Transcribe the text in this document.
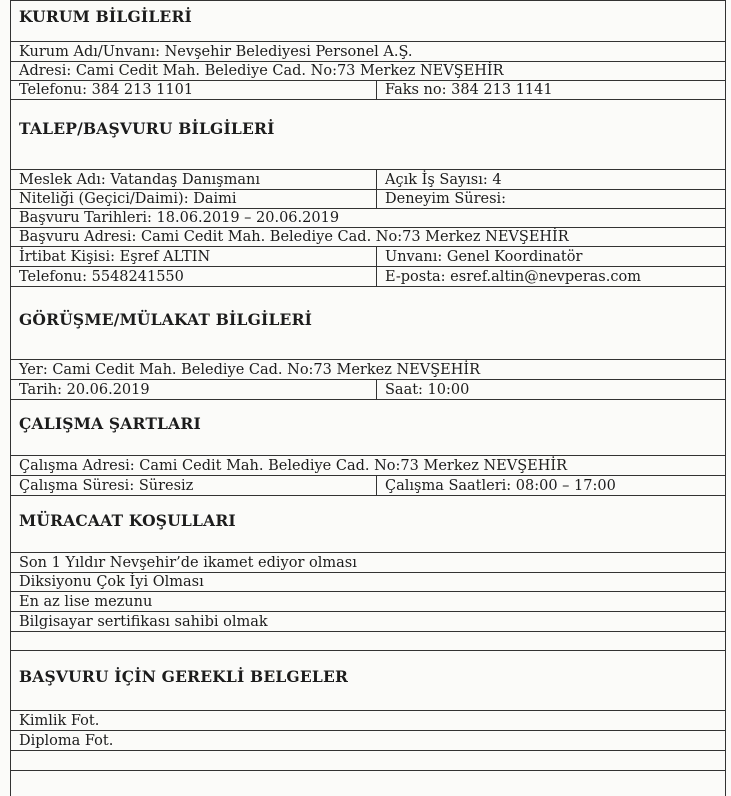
KURUM BİLGİLERİ
Kurum Adı/Unvanı: Nevşehir Belediyesi Personel A.Ş.
Adresi: Cami Cedit Mah. Belediye Cad. No:73 Merkez NEVŞEHİR
Telefonu: 384 213 1101	Faks no: 384 213 1141
TALEP/BAŞVURU BİLGİLERİ
Meslek Adı: Vatandaş Danışmanı	Açık İş Sayısı: 4
Niteliği (Geçici/Daimi): Daimi	Deneyim Süresi:
Başvuru Tarihleri: 18.06.2019 – 20.06.2019
Başvuru Adresi: Cami Cedit Mah. Belediye Cad. No:73 Merkez NEVŞEHİR
İrtibat Kişisi: Eşref ALTIN	Unvanı: Genel Koordinatör
Telefonu: 5548241550	E-posta: esref.altin@nevperas.com
GÖRÜŞME/MÜLAKAT BİLGİLERİ
Yer: Cami Cedit Mah. Belediye Cad. No:73 Merkez NEVŞEHİR
Tarih: 20.06.2019	Saat: 10:00
ÇALIŞMA ŞARTLARI
Çalışma Adresi: Cami Cedit Mah. Belediye Cad. No:73 Merkez NEVŞEHİR
Çalışma Süresi: Süresiz	Çalışma Saatleri: 08:00 – 17:00
MÜRACAAT KOŞULLARI
Son 1 Yıldır Nevşehir’de ikamet ediyor olması
Diksiyonu Çok İyi Olması
En az lise mezunu
Bilgisayar sertifikası sahibi olmak
BAŞVURU İÇİN GEREKLİ BELGELER
Kimlik Fot.
Diploma Fot.
